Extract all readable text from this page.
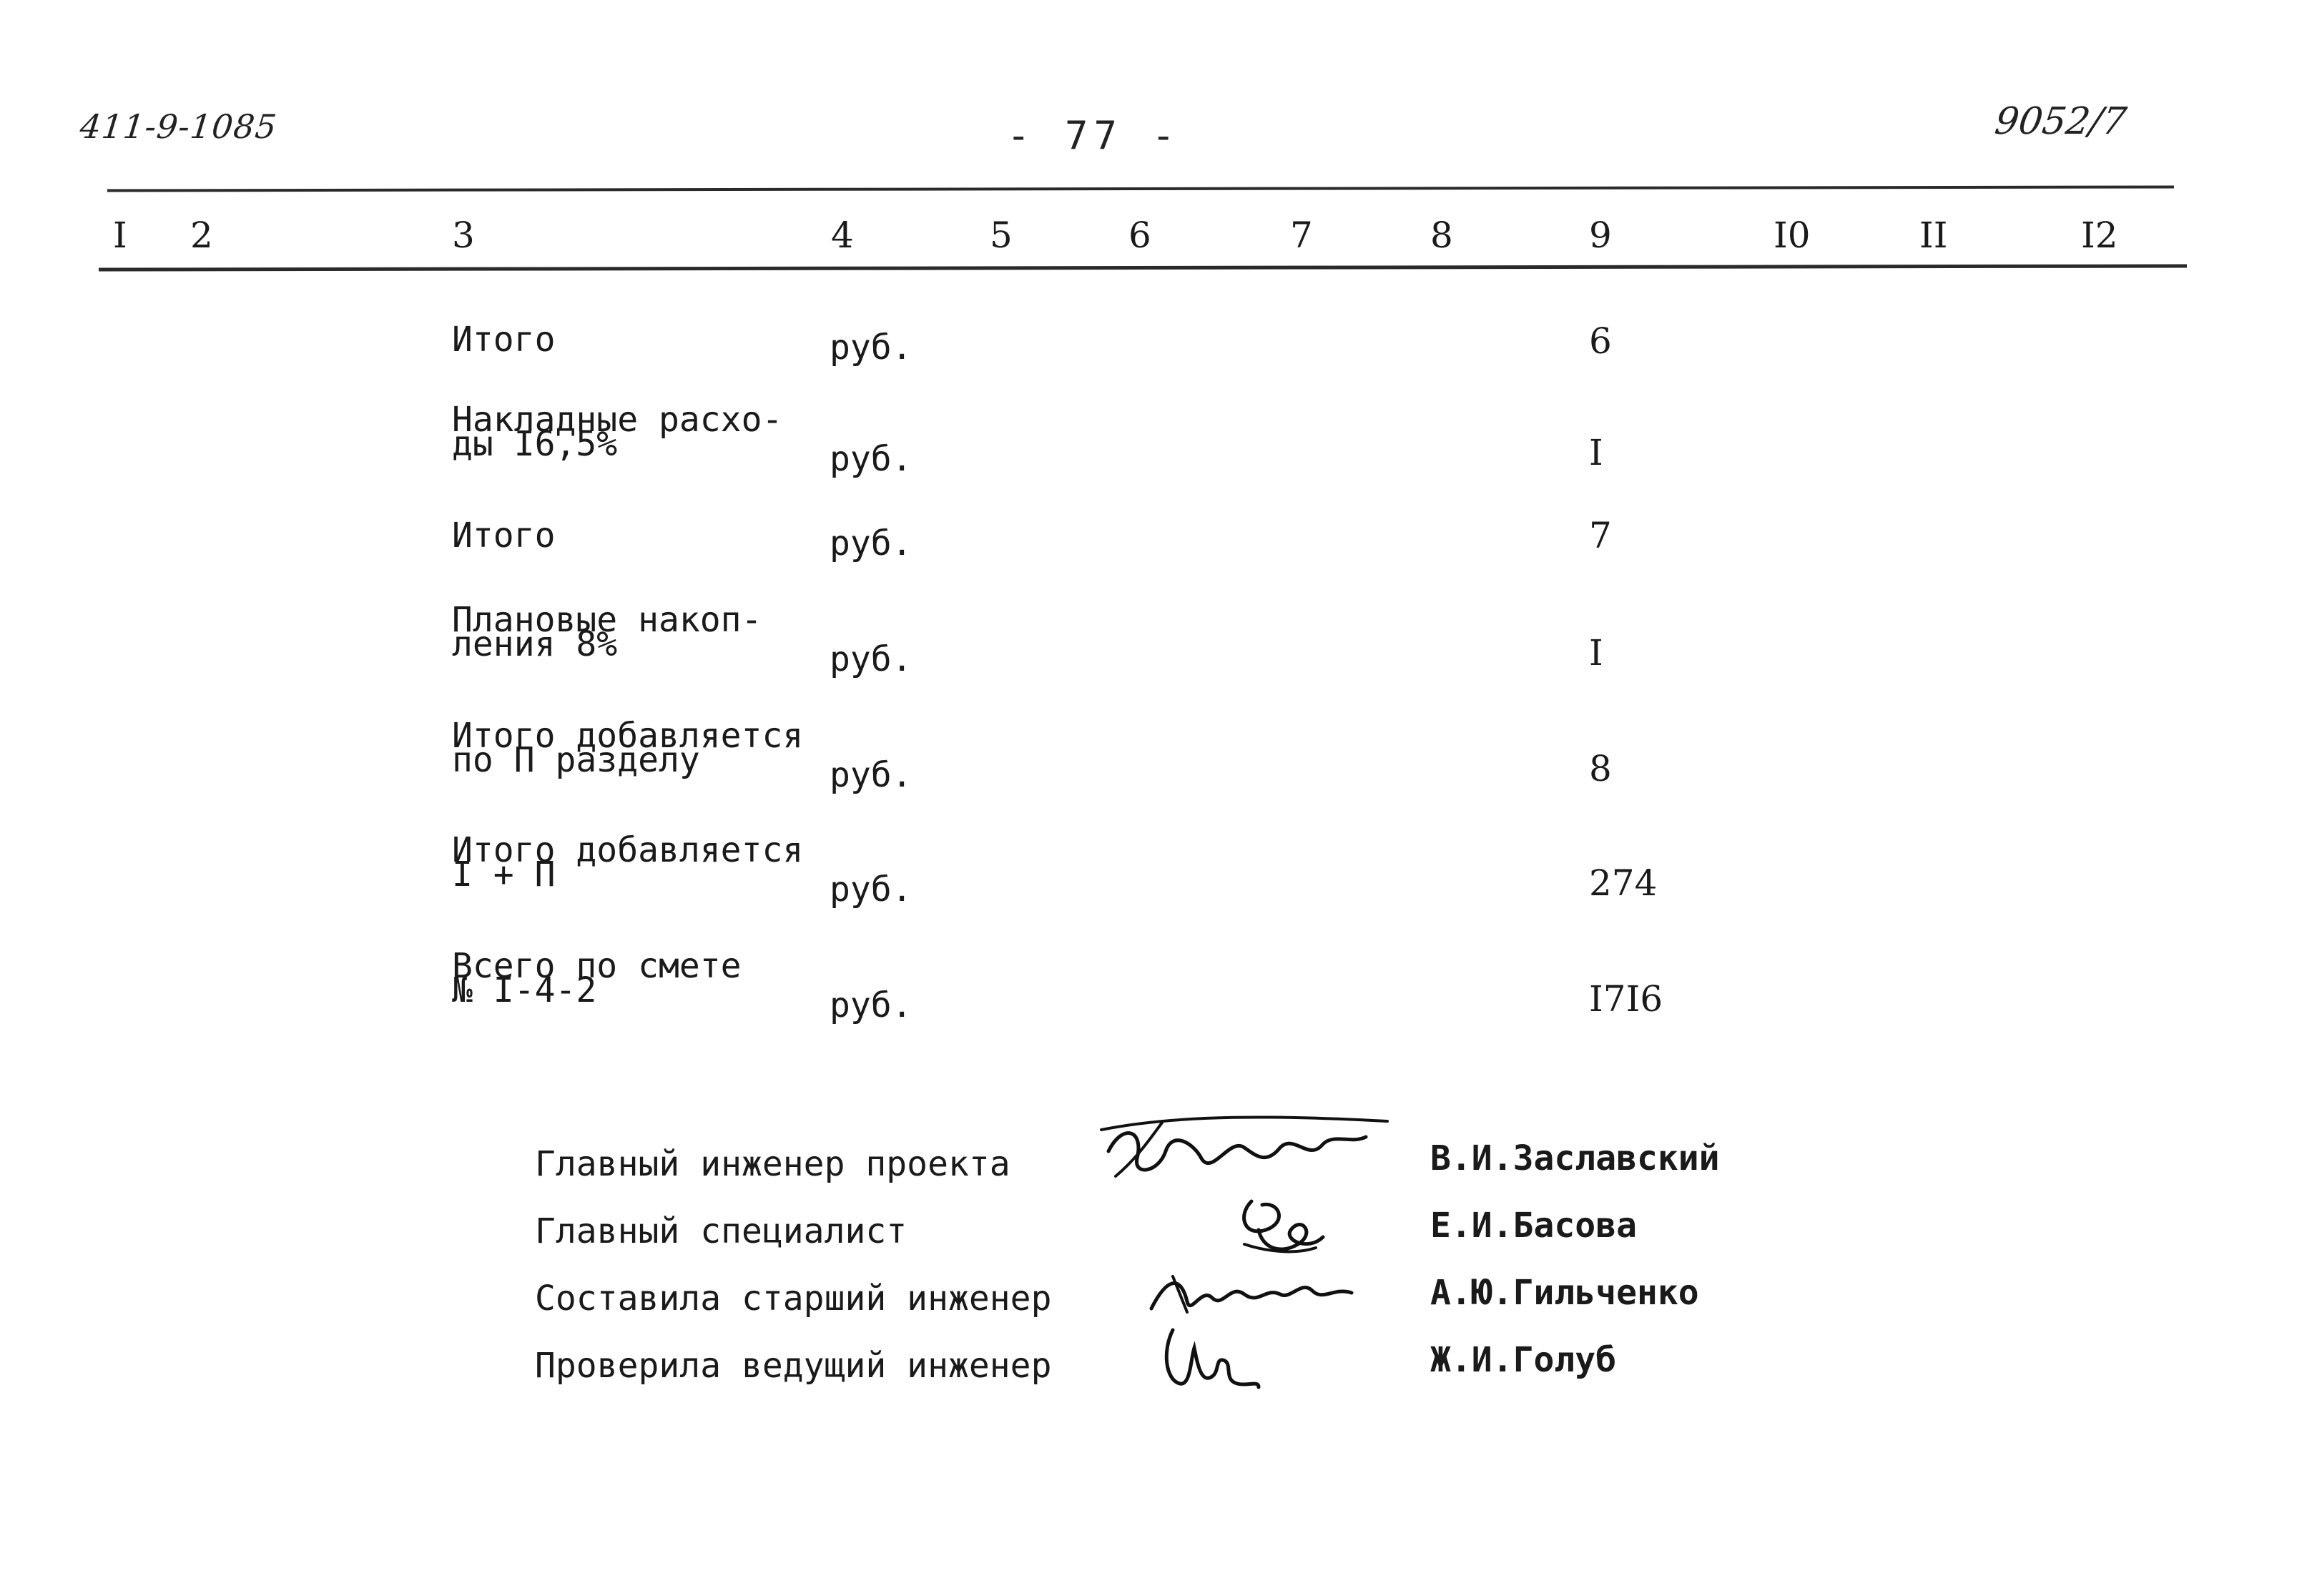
411-9-1085	- 77 -	9052/7
I 2	3	4	5	6	7	8	9	I0	II	I2
Итого	руб.	6
Накладные расхо-
ды I6,5%	руб.	I
Итого	руб.	7
Плановые накоп-
ления 8%	руб.	I
Итого добавляется
по П разделу	руб.	8
Итого добавляется
I + П	руб.	274
Всего по смете
№ I-4-2	руб.	I7I6
Главный инженер проекта	В.И.Заславский
Главный специалист	Е.И.Басова
Составила старший инженер	А.Ю.Гильченко
Проверила ведущий инженер	Ж.И.Голуб
